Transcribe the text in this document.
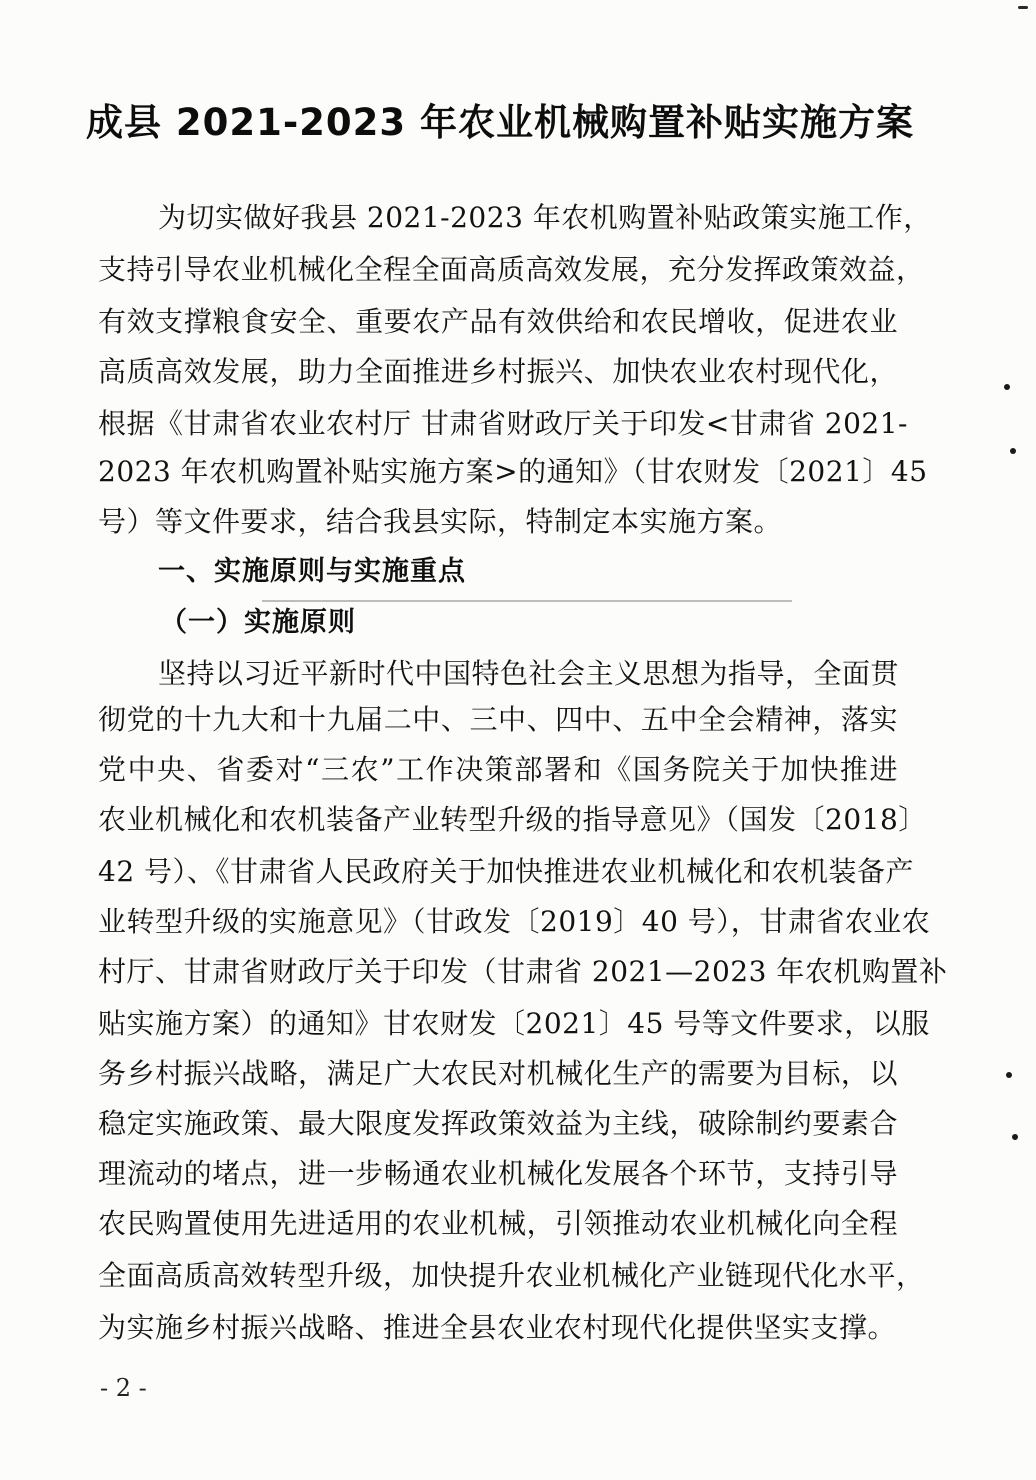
成县 2021-2023 年农业机械购置补贴实施方案
为切实做好我县 2021-2023 年农机购置补贴政策实施工作，
支持引导农业机械化全程全面高质高效发展，充分发挥政策效益，
有效支撑粮食安全、重要农产品有效供给和农民增收，促进农业
高质高效发展，助力全面推进乡村振兴、加快农业农村现代化，
根据《甘肃省农业农村厅 甘肃省财政厅关于印发<甘肃省 2021-
2023 年农机购置补贴实施方案>的通知》（甘农财发〔2021〕45
号）等文件要求，结合我县实际，特制定本实施方案。
一、实施原则与实施重点
（一）实施原则
坚持以习近平新时代中国特色社会主义思想为指导，全面贯
彻党的十九大和十九届二中、三中、四中、五中全会精神，落实
党中央、省委对“三农”工作决策部署和《国务院关于加快推进
农业机械化和农机装备产业转型升级的指导意见》（国发〔2018〕
42 号）、《甘肃省人民政府关于加快推进农业机械化和农机装备产
业转型升级的实施意见》（甘政发〔2019〕40 号），甘肃省农业农
村厅、甘肃省财政厅关于印发（甘肃省 2021—2023 年农机购置补
贴实施方案）的通知》甘农财发〔2021〕45 号等文件要求，以服
务乡村振兴战略，满足广大农民对机械化生产的需要为目标，以
稳定实施政策、最大限度发挥政策效益为主线，破除制约要素合
理流动的堵点，进一步畅通农业机械化发展各个环节，支持引导
农民购置使用先进适用的农业机械，引领推动农业机械化向全程
全面高质高效转型升级，加快提升农业机械化产业链现代化水平，
为实施乡村振兴战略、推进全县农业农村现代化提供坚实支撑。
- 2 -
